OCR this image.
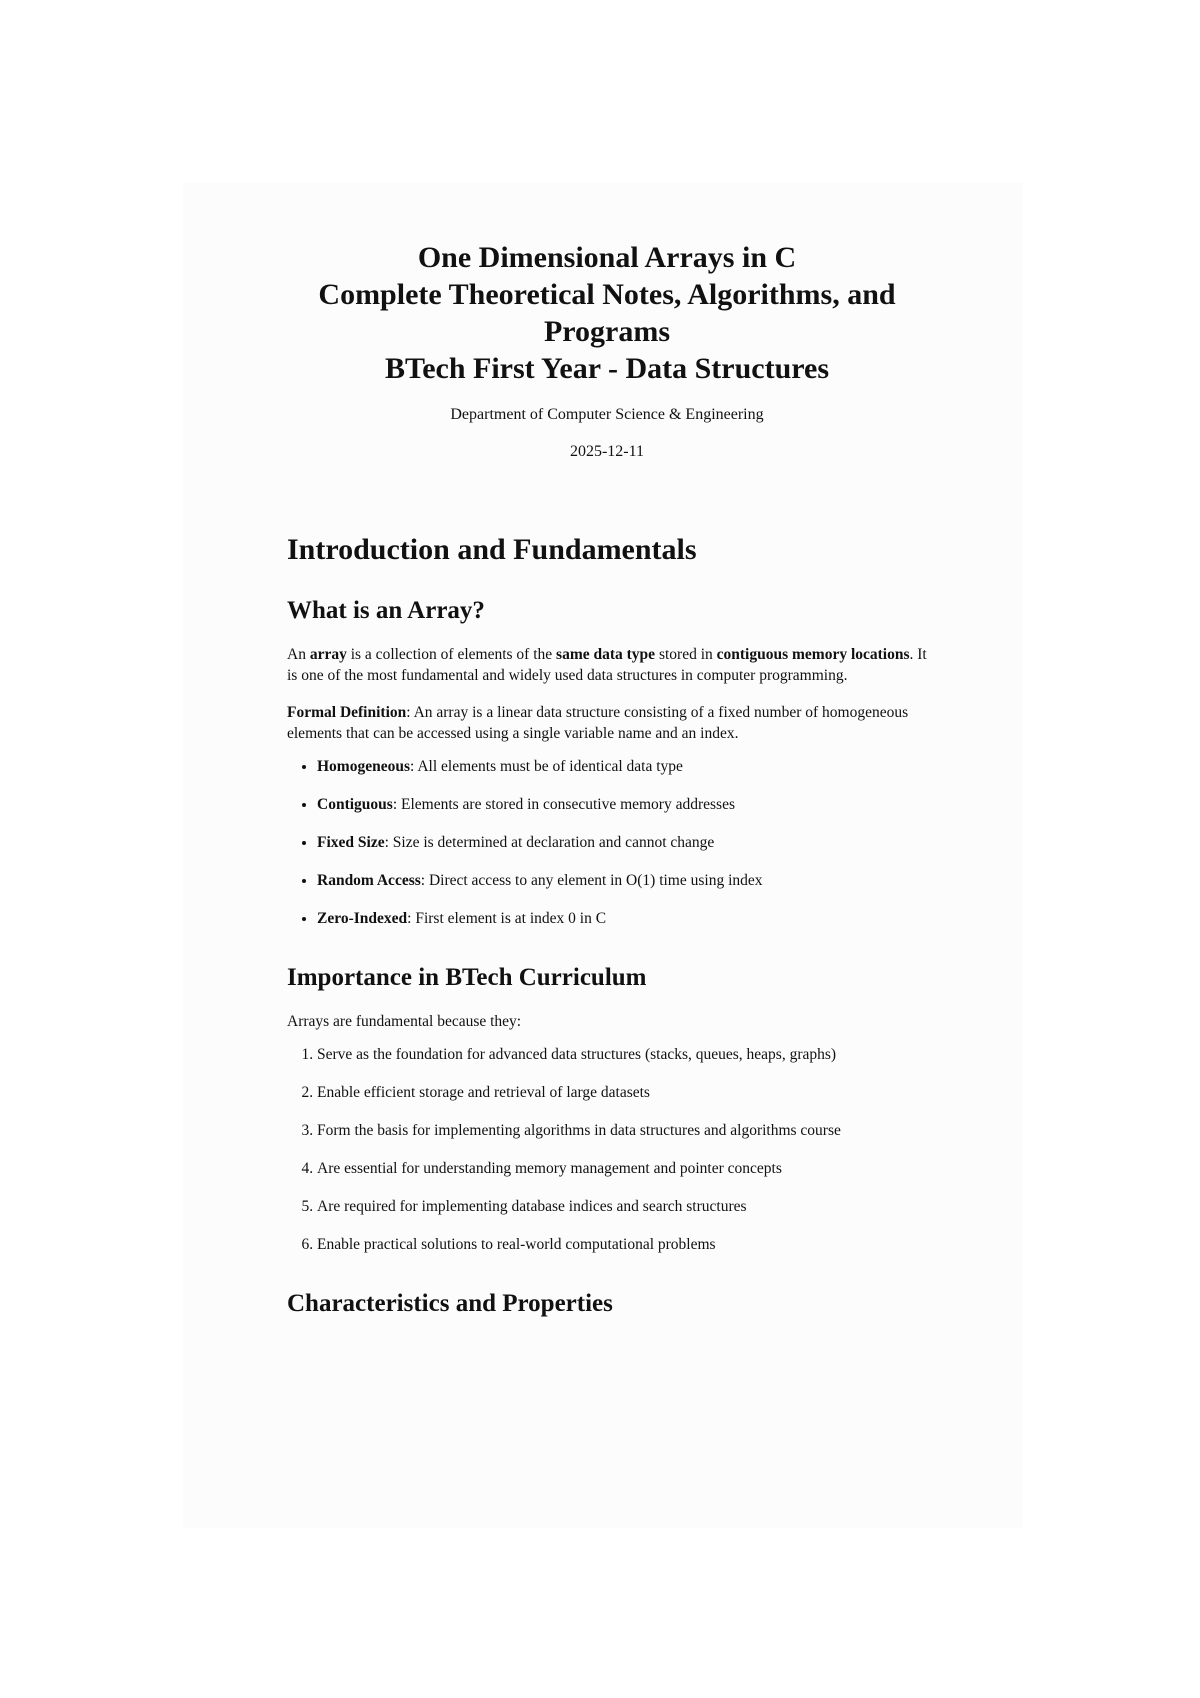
One Dimensional Arrays in C
Complete Theoretical Notes, Algorithms, and
Programs
BTech First Year - Data Structures

Department of Computer Science & Engineering

2025-12-11

Introduction and Fundamentals
What is an Array?

An array is a collection of elements of the same data type stored in contiguous memory locations. It is one of the most fundamental and widely used data structures in computer programming.

Formal Definition: An array is a linear data structure consisting of a fixed number of homogeneous elements that can be accessed using a single variable name and an index.

• Homogeneous: All elements must be of identical data type
• Contiguous: Elements are stored in consecutive memory addresses
• Fixed Size: Size is determined at declaration and cannot change
• Random Access: Direct access to any element in O(1) time using index
• Zero-Indexed: First element is at index 0 in C
Importance in BTech Curriculum

Arrays are fundamental because they:

1. Serve as the foundation for advanced data structures (stacks, queues, heaps, graphs)
2. Enable efficient storage and retrieval of large datasets
3. Form the basis for implementing algorithms in data structures and algorithms course
4. Are essential for understanding memory management and pointer concepts
5. Are required for implementing database indices and search structures
6. Enable practical solutions to real-world computational problems
Characteristics and Properties
